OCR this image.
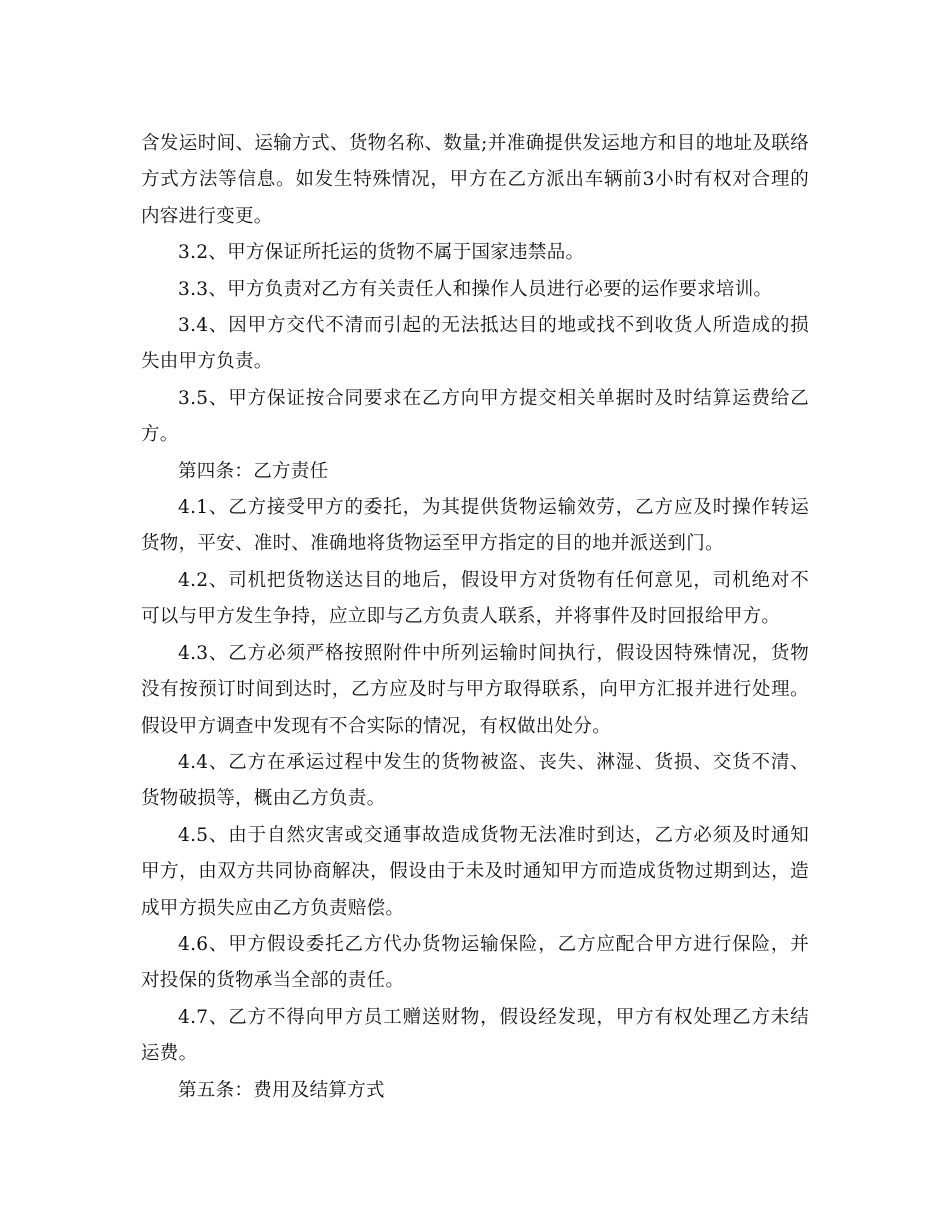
含发运时间、运输方式、货物名称、数量;并准确提供发运地方和目的地址及联络方式方法等信息。如发生特殊情况，甲方在乙方派出车辆前3小时有权对合理的内容进行变更。

3.2、甲方保证所托运的货物不属于国家违禁品。

3.3、甲方负责对乙方有关责任人和操作人员进行必要的运作要求培训。

3.4、因甲方交代不清而引起的无法抵达目的地或找不到收货人所造成的损失由甲方负责。

3.5、甲方保证按合同要求在乙方向甲方提交相关单据时及时结算运费给乙方。

第四条：乙方责任

4.1、乙方接受甲方的委托，为其提供货物运输效劳，乙方应及时操作转运货物，平安、准时、准确地将货物运至甲方指定的目的地并派送到门。

4.2、司机把货物送达目的地后，假设甲方对货物有任何意见，司机绝对不可以与甲方发生争持，应立即与乙方负责人联系，并将事件及时回报给甲方。

4.3、乙方必须严格按照附件中所列运输时间执行，假设因特殊情况，货物没有按预订时间到达时，乙方应及时与甲方取得联系，向甲方汇报并进行处理。假设甲方调查中发现有不合实际的情况，有权做出处分。

4.4、乙方在承运过程中发生的货物被盗、丧失、淋湿、货损、交货不清、货物破损等，概由乙方负责。

4.5、由于自然灾害或交通事故造成货物无法准时到达，乙方必须及时通知甲方，由双方共同协商解决，假设由于未及时通知甲方而造成货物过期到达，造成甲方损失应由乙方负责赔偿。

4.6、甲方假设委托乙方代办货物运输保险，乙方应配合甲方进行保险，并对投保的货物承当全部的责任。

4.7、乙方不得向甲方员工赠送财物，假设经发现，甲方有权处理乙方未结运费。

第五条：费用及结算方式
